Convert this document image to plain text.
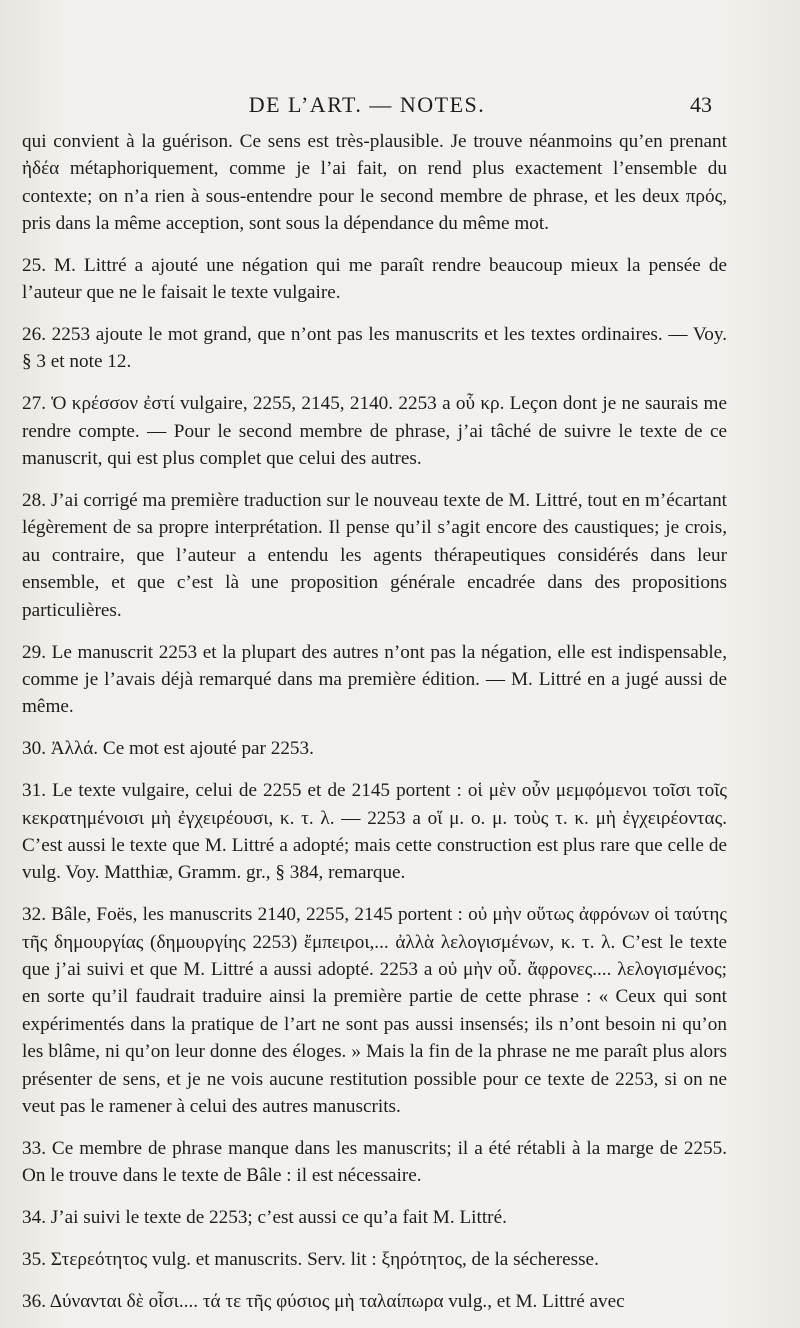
DE L’ART. — NOTES.	43

qui convient à la guérison. Ce sens est très-plausible. Je trouve néanmoins qu’en prenant ἠδέα métaphoriquement, comme je l’ai fait, on rend plus exactement l’ensemble du contexte; on n’a rien à sous-entendre pour le second membre de phrase, et les deux πρός, pris dans la même acception, sont sous la dépendance du même mot.

25. M. Littré a ajouté une négation qui me paraît rendre beaucoup mieux la pensée de l’auteur que ne le faisait le texte vulgaire.

26. 2253 ajoute le mot grand, que n’ont pas les manuscrits et les textes ordinaires. — Voy. § 3 et note 12.

27. Ὁ κρέσσον ἐστί vulgaire, 2255, 2145, 2140. 2253 a οὗ κρ. Leçon dont je ne saurais me rendre compte. — Pour le second membre de phrase, j’ai tâché de suivre le texte de ce manuscrit, qui est plus complet que celui des autres.

28. J’ai corrigé ma première traduction sur le nouveau texte de M. Littré, tout en m’écartant légèrement de sa propre interprétation. Il pense qu’il s’agit encore des caustiques; je crois, au contraire, que l’auteur a entendu les agents thérapeutiques considérés dans leur ensemble, et que c’est là une proposition générale encadrée dans des propositions particulières.

29. Le manuscrit 2253 et la plupart des autres n’ont pas la négation, elle est indispensable, comme je l’avais déjà remarqué dans ma première édition. — M. Littré en a jugé aussi de même.

30. Ἀλλά. Ce mot est ajouté par 2253.

31. Le texte vulgaire, celui de 2255 et de 2145 portent : οἱ μὲν οὖν μεμφόμενοι τοῖσι τοῖς κεκρατημένοισι μὴ ἐγχειρέουσι, κ. τ. λ. — 2253 a οἵ μ. ο. μ. τοὺς τ. κ. μὴ ἐγχειρέοντας. C’est aussi le texte que M. Littré a adopté; mais cette construction est plus rare que celle de vulg. Voy. Matthiæ, Gramm. gr., § 384, remarque.

32. Bâle, Foës, les manuscrits 2140, 2255, 2145 portent : οὐ μὴν οὕτως ἀφρόνων οἱ ταύτης τῆς δημουργίας (δημουργίης 2253) ἔμπειροι,... ἀλλὰ λελογισμένων, κ. τ. λ. C’est le texte que j’ai suivi et que M. Littré a aussi adopté. 2253 a οὐ μὴν οὖ. ἄφρονες.... λελογισμένος; en sorte qu’il faudrait traduire ainsi la première partie de cette phrase : « Ceux qui sont expérimentés dans la pratique de l’art ne sont pas aussi insensés; ils n’ont besoin ni qu’on les blâme, ni qu’on leur donne des éloges. » Mais la fin de la phrase ne me paraît plus alors présenter de sens, et je ne vois aucune restitution possible pour ce texte de 2253, si on ne veut pas le ramener à celui des autres manuscrits.

33. Ce membre de phrase manque dans les manuscrits; il a été rétabli à la marge de 2255. On le trouve dans le texte de Bâle : il est nécessaire.

34. J’ai suivi le texte de 2253; c’est aussi ce qu’a fait M. Littré.

35. Στερεότητος vulg. et manuscrits. Serv. lit : ξηρότητος, de la sécheresse.

36. Δύνανται δὲ οἷσι.... τά τε τῆς φύσιος μὴ ταλαίπωρα vulg., et M. Littré avec
